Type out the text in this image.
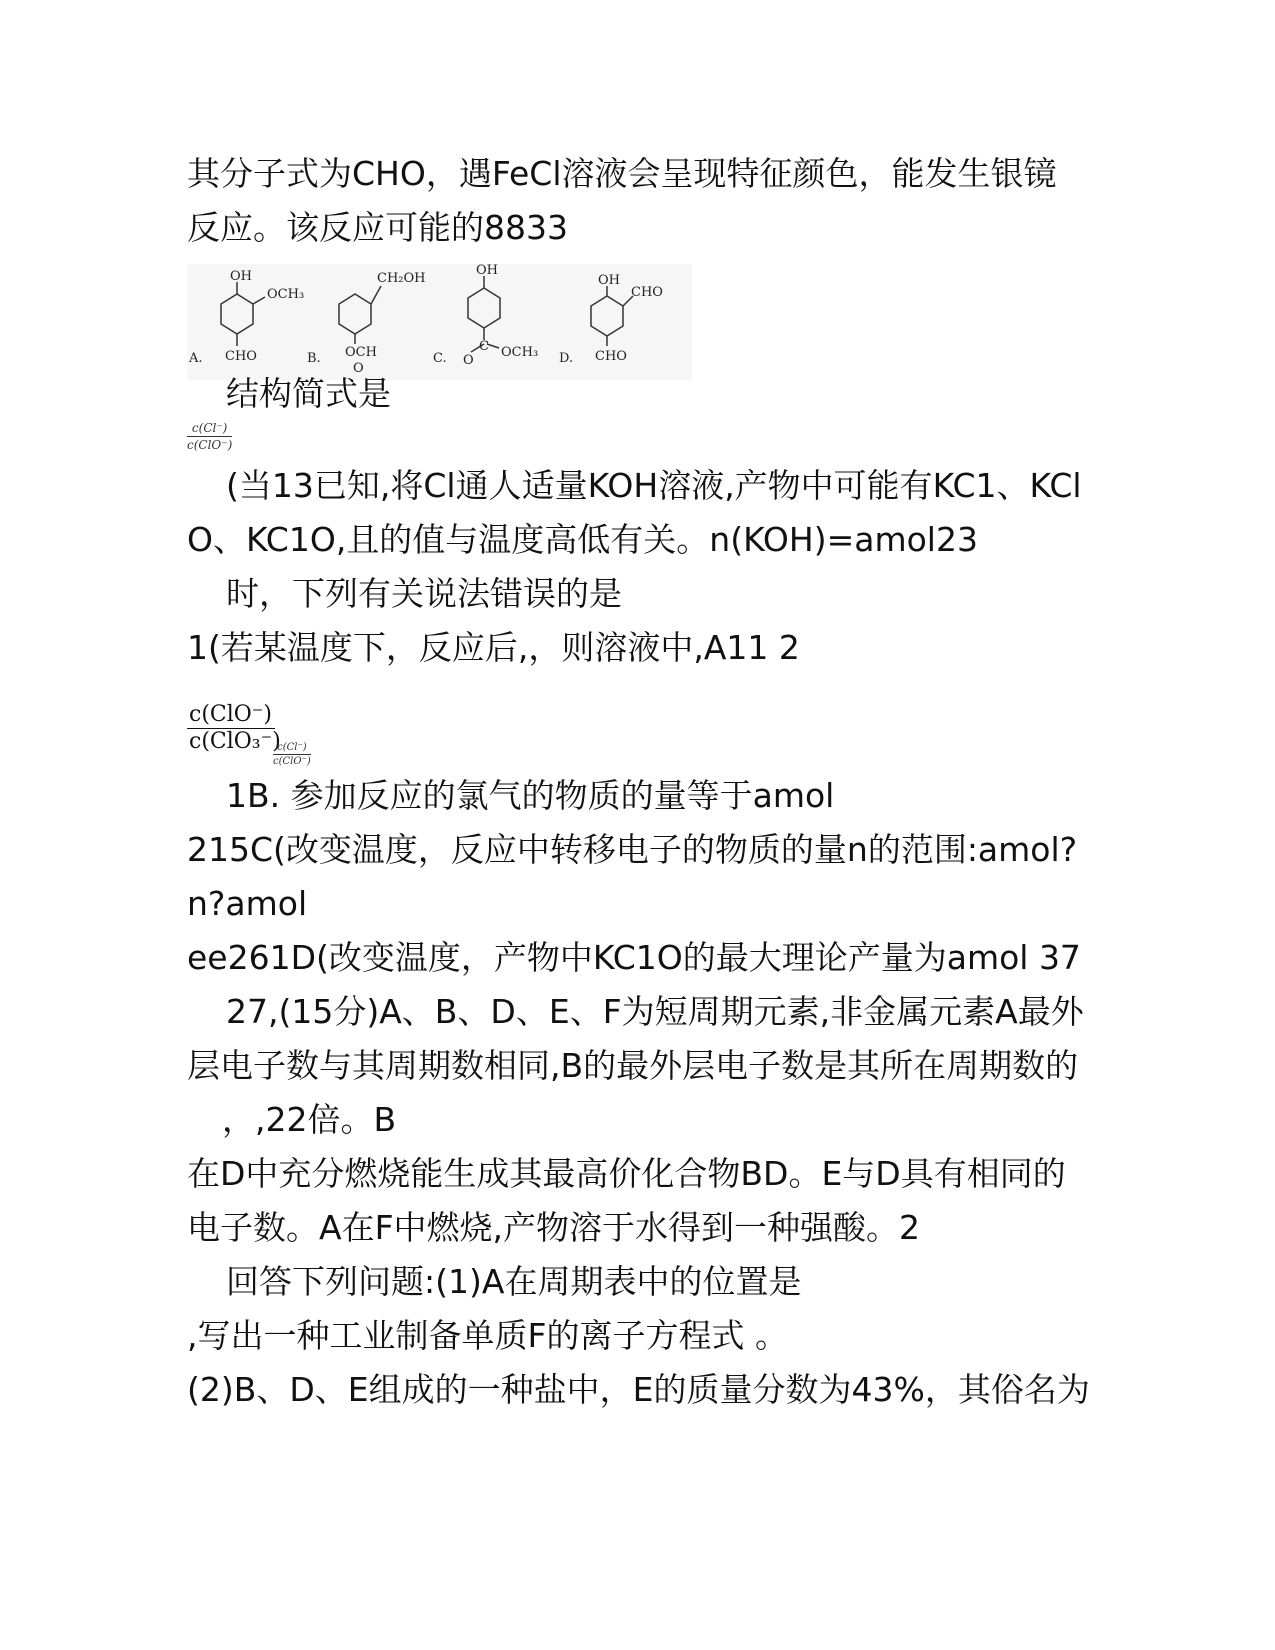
其分子式为CHO，遇FeCl溶液会呈现特征颜色，能发生银镜
反应。该反应可能的8833
OH
OCH₃
CHO
A.
CH₂OH
OCH
O
B.
OH
C
O
OCH₃
C.
OH
CHO
CHO
D.
结构简式是
c(Cl⁻)
c(ClO⁻)
(当13已知,将Cl通人适量KOH溶液,产物中可能有KC1、KCl
O、KC1O,且的值与温度高低有关。n(KOH)=amol23
时，下列有关说法错误的是
1(若某温度下，反应后,，则溶液中,A11 2
c(ClO⁻)
c(ClO₃⁻)
c(Cl⁻)
c(ClO⁻)
1B. 参加反应的氯气的物质的量等于amol
215C(改变温度，反应中转移电子的物质的量n的范围:amol?
n?amol
ee261D(改变温度，产物中KC1O的最大理论产量为amol 37
27,(15分)A、B、D、E、F为短周期元素,非金属元素A最外
层电子数与其周期数相同,B的最外层电子数是其所在周期数的
，,22倍。B
在D中充分燃烧能生成其最高价化合物BD。E与D具有相同的
电子数。A在F中燃烧,产物溶于水得到一种强酸。2
回答下列问题:(1)A在周期表中的位置是
,写出一种工业制备单质F的离子方程式 。
(2)B、D、E组成的一种盐中，E的质量分数为43%，其俗名为
